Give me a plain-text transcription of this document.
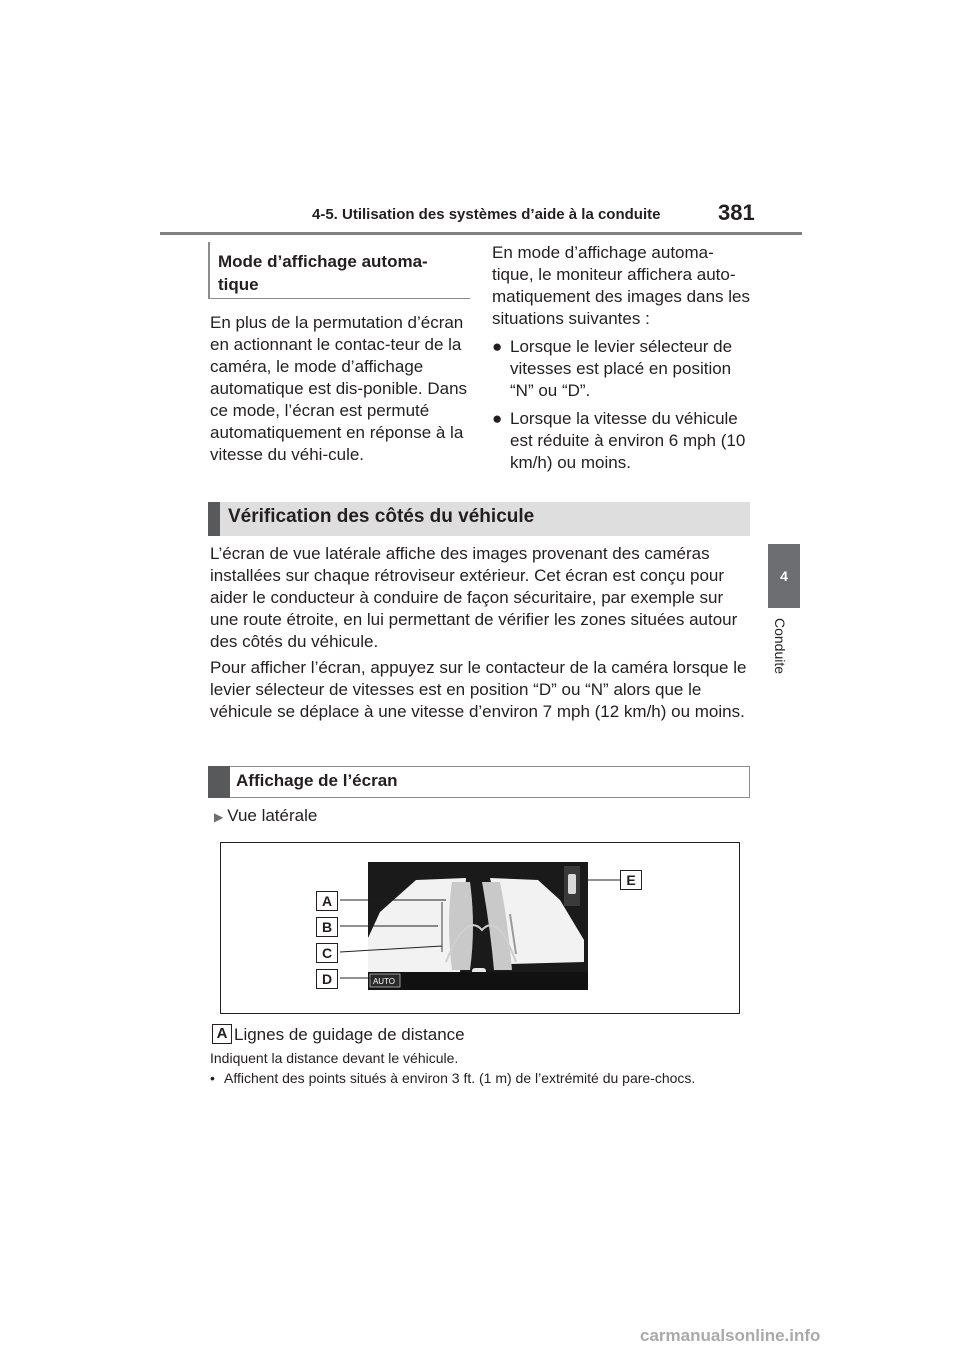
4-5. Utilisation des systèmes d’aide à la conduite	381
4
Conduite
Mode d’affichage automa-tique
En plus de la permutation d’écran en actionnant le contac-teur de la caméra, le mode d’affichage automatique est dis-ponible. Dans ce mode, l’écran est permuté automatiquement en réponse à la vitesse du véhi-cule.
En mode d’affichage automa-tique, le moniteur affichera auto-matiquement des images dans les situations suivantes :
● Lorsque le levier sélecteur de vitesses est placé en position “N” ou “D”.
● Lorsque la vitesse du véhicule est réduite à environ 6 mph (10 km/h) ou moins.
Vérification des côtés du véhicule
L’écran de vue latérale affiche des images provenant des caméras installées sur chaque rétroviseur extérieur. Cet écran est conçu pour aider le conducteur à conduire de façon sécuritaire, par exemple sur une route étroite, en lui permettant de vérifier les zones situées autour des côtés du véhicule.
Pour afficher l’écran, appuyez sur le contacteur de la caméra lorsque le levier sélecteur de vitesses est en position “D” ou “N” alors que le véhicule se déplace à une vitesse d’environ 7 mph (12 km/h) ou moins.
Affichage de l’écran
▶ Vue latérale
AUTO
A
B
C
D
E
A Lignes de guidage de distance
Indiquent la distance devant le véhicule.
• Affichent des points situés à environ 3 ft. (1 m) de l’extrémité du pare-chocs.
carmanualsonline.info
